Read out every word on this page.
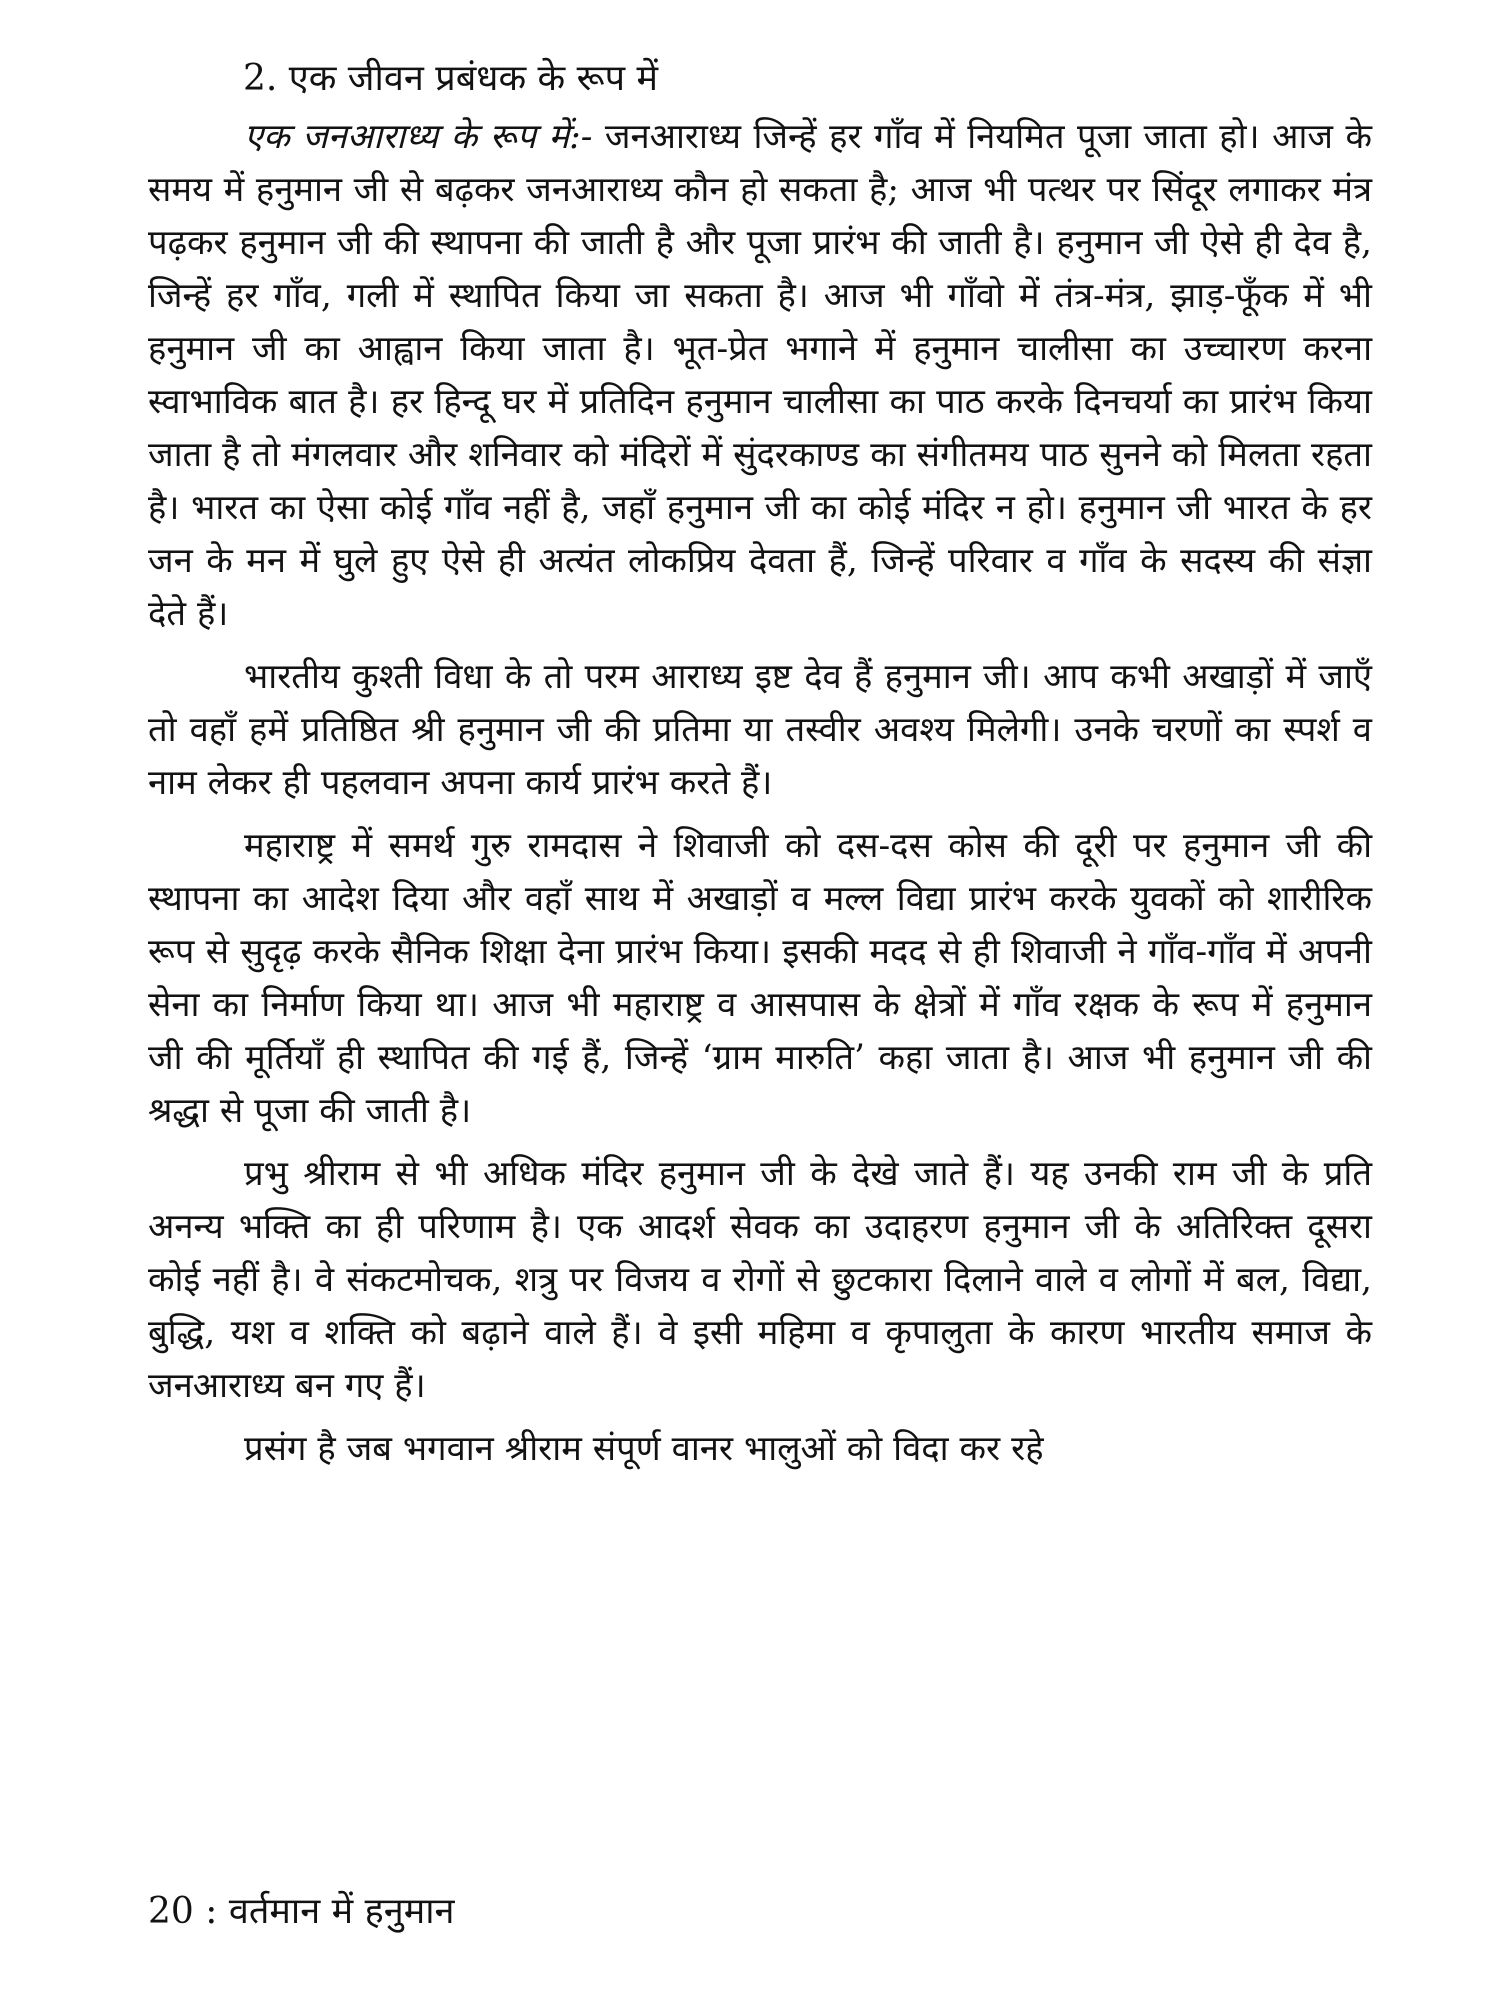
2. एक जीवन प्रबंधक के रूप में

एक जनआराध्य के रूप में:- जनआराध्य जिन्हें हर गाँव में नियमित पूजा जाता हो। आज के समय में हनुमान जी से बढ़कर जनआराध्य कौन हो सकता है; आज भी पत्थर पर सिंदूर लगाकर मंत्र पढ़कर हनुमान जी की स्थापना की जाती है और पूजा प्रारंभ की जाती है। हनुमान जी ऐसे ही देव है, जिन्हें हर गाँव, गली में स्थापित किया जा सकता है। आज भी गाँवो में तंत्र-मंत्र, झाड़-फूँक में भी हनुमान जी का आह्वान किया जाता है। भूत-प्रेत भगाने में हनुमान चालीसा का उच्चारण करना स्वाभाविक बात है। हर हिन्दू घर में प्रतिदिन हनुमान चालीसा का पाठ करके दिनचर्या का प्रारंभ किया जाता है तो मंगलवार और शनिवार को मंदिरों में सुंदरकाण्ड का संगीतमय पाठ सुनने को मिलता रहता है। भारत का ऐसा कोई गाँव नहीं है, जहाँ हनुमान जी का कोई मंदिर न हो। हनुमान जी भारत के हर जन के मन में घुले हुए ऐसे ही अत्यंत लोकप्रिय देवता हैं, जिन्हें परिवार व गाँव के सदस्य की संज्ञा देते हैं।

भारतीय कुश्ती विधा के तो परम आराध्य इष्ट देव हैं हनुमान जी। आप कभी अखाड़ों में जाएँ तो वहाँ हमें प्रतिष्ठित श्री हनुमान जी की प्रतिमा या तस्वीर अवश्य मिलेगी। उनके चरणों का स्पर्श व नाम लेकर ही पहलवान अपना कार्य प्रारंभ करते हैं।

महाराष्ट्र में समर्थ गुरु रामदास ने शिवाजी को दस-दस कोस की दूरी पर हनुमान जी की स्थापना का आदेश दिया और वहाँ साथ में अखाड़ों व मल्ल विद्या प्रारंभ करके युवकों को शारीरिक रूप से सुदृढ़ करके सैनिक शिक्षा देना प्रारंभ किया। इसकी मदद से ही शिवाजी ने गाँव-गाँव में अपनी सेना का निर्माण किया था। आज भी महाराष्ट्र व आसपास के क्षेत्रों में गाँव रक्षक के रूप में हनुमान जी की मूर्तियाँ ही स्थापित की गई हैं, जिन्हें ‘ग्राम मारुति’ कहा जाता है। आज भी हनुमान जी की श्रद्धा से पूजा की जाती है।

प्रभु श्रीराम से भी अधिक मंदिर हनुमान जी के देखे जाते हैं। यह उनकी राम जी के प्रति अनन्य भक्ति का ही परिणाम है। एक आदर्श सेवक का उदाहरण हनुमान जी के अतिरिक्त दूसरा कोई नहीं है। वे संकटमोचक, शत्रु पर विजय व रोगों से छुटकारा दिलाने वाले व लोगों में बल, विद्या, बुद्धि, यश व शक्ति को बढ़ाने वाले हैं। वे इसी महिमा व कृपालुता के कारण भारतीय समाज के जनआराध्य बन गए हैं।

प्रसंग है जब भगवान श्रीराम संपूर्ण वानर भालुओं को विदा कर रहे

20 : वर्तमान में हनुमान
